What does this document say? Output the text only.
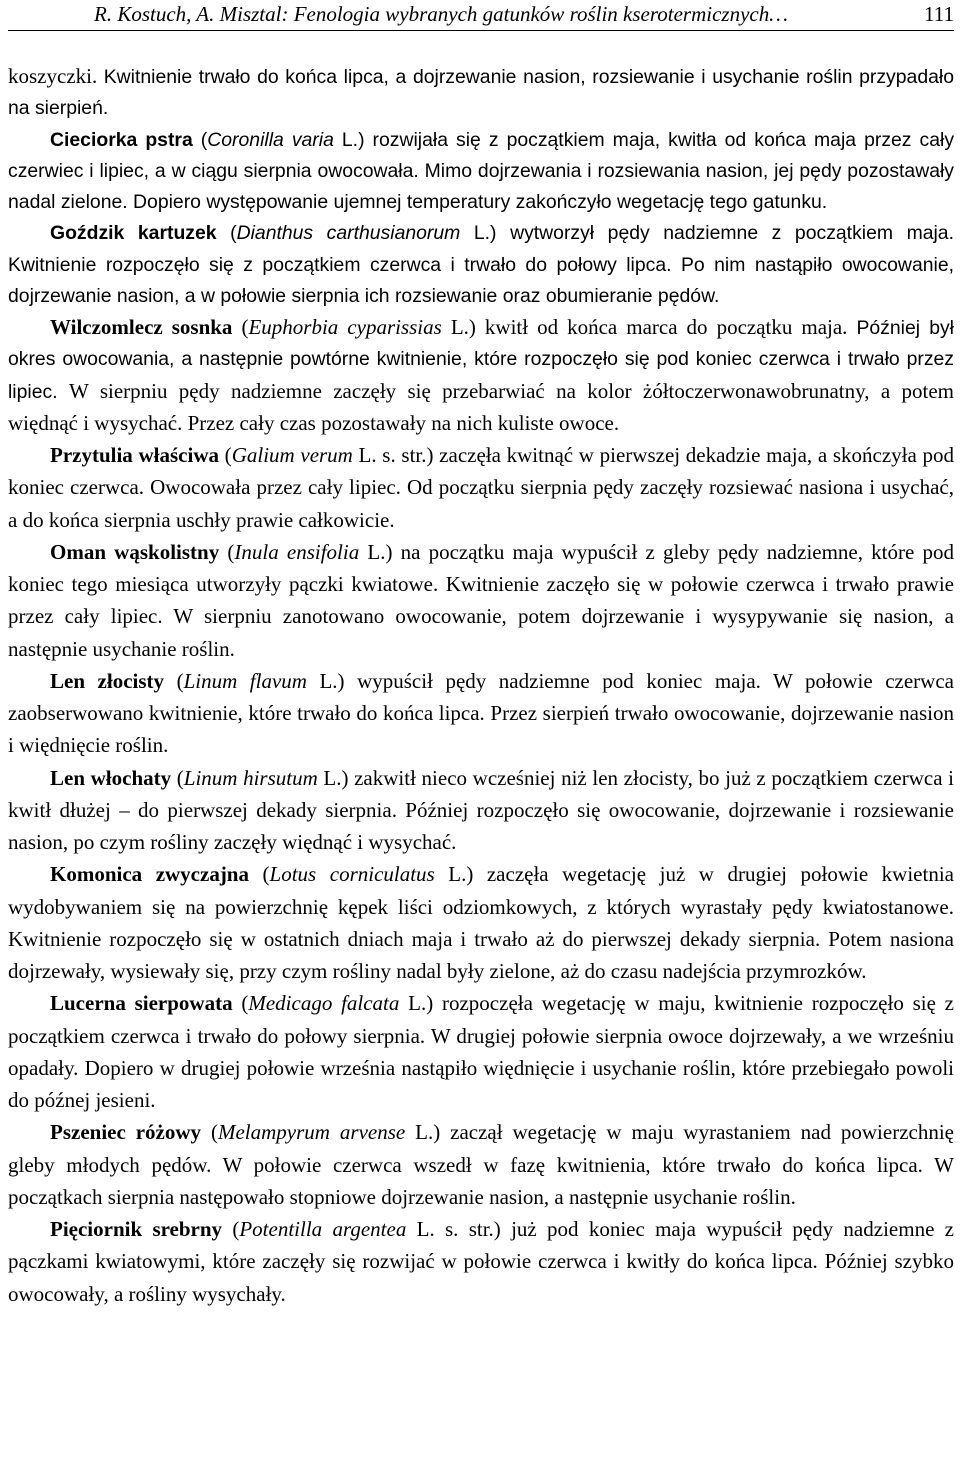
R. Kostuch, A. Misztal: Fenologia wybranych gatunków roślin kserotermicznych…	111

koszyczki. Kwitnienie trwało do końca lipca, a dojrzewanie nasion, rozsiewanie i usychanie roślin przypadało na sierpień.

Cieciorka pstra (Coronilla varia L.) rozwijała się z początkiem maja, kwitła od końca maja przez cały czerwiec i lipiec, a w ciągu sierpnia owocowała. Mimo dojrzewania i rozsiewania nasion, jej pędy pozostawały nadal zielone. Dopiero występowanie ujemnej temperatury zakończyło wegetację tego gatunku.

Goździk kartuzek (Dianthus carthusianorum L.) wytworzył pędy nadziemne z początkiem maja. Kwitnienie rozpoczęło się z początkiem czerwca i trwało do połowy lipca. Po nim nastąpiło owocowanie, dojrzewanie nasion, a w połowie sierpnia ich rozsiewanie oraz obumieranie pędów.

Wilczomlecz sosnka (Euphorbia cyparissias L.) kwitł od końca marca do początku maja. Później był okres owocowania, a następnie powtórne kwitnienie, które rozpoczęło się pod koniec czerwca i trwało przez lipiec. W sierpniu pędy nadziemne zaczęły się przebarwiać na kolor żółtoczerwonawobrunatny, a potem więdnąć i wysychać. Przez cały czas pozostawały na nich kuliste owoce.

Przytulia właściwa (Galium verum L. s. str.) zaczęła kwitnąć w pierwszej dekadzie maja, a skończyła pod koniec czerwca. Owocowała przez cały lipiec. Od początku sierpnia pędy zaczęły rozsiewać nasiona i usychać, a do końca sierpnia uschły prawie całkowicie.

Oman wąskolistny (Inula ensifolia L.) na początku maja wypuścił z gleby pędy nadziemne, które pod koniec tego miesiąca utworzyły pączki kwiatowe. Kwitnienie zaczęło się w połowie czerwca i trwało prawie przez cały lipiec. W sierpniu zanotowano owocowanie, potem dojrzewanie i wysypywanie się nasion, a następnie usychanie roślin.

Len złocisty (Linum flavum L.) wypuścił pędy nadziemne pod koniec maja. W połowie czerwca zaobserwowano kwitnienie, które trwało do końca lipca. Przez sierpień trwało owocowanie, dojrzewanie nasion i więdnięcie roślin.

Len włochaty (Linum hirsutum L.) zakwitł nieco wcześniej niż len złocisty, bo już z początkiem czerwca i kwitł dłużej – do pierwszej dekady sierpnia. Później rozpoczęło się owocowanie, dojrzewanie i rozsiewanie nasion, po czym rośliny zaczęły więdnąć i wysychać.

Komonica zwyczajna (Lotus corniculatus L.) zaczęła wegetację już w drugiej połowie kwietnia wydobywaniem się na powierzchnię kępek liści odziomkowych, z których wyrastały pędy kwiatostanowe. Kwitnienie rozpoczęło się w ostatnich dniach maja i trwało aż do pierwszej dekady sierpnia. Potem nasiona dojrzewały, wysiewały się, przy czym rośliny nadal były zielone, aż do czasu nadejścia przymrozków.

Lucerna sierpowata (Medicago falcata L.) rozpoczęła wegetację w maju, kwitnienie rozpoczęło się z początkiem czerwca i trwało do połowy sierpnia. W drugiej połowie sierpnia owoce dojrzewały, a we wrześniu opadały. Dopiero w drugiej połowie września nastąpiło więdnięcie i usychanie roślin, które przebiegało powoli do późnej jesieni.

Pszeniec różowy (Melampyrum arvense L.) zaczął wegetację w maju wyrastaniem nad powierzchnię gleby młodych pędów. W połowie czerwca wszedł w fazę kwitnienia, które trwało do końca lipca. W początkach sierpnia następowało stopniowe dojrzewanie nasion, a następnie usychanie roślin.

Pięciornik srebrny (Potentilla argentea L. s. str.) już pod koniec maja wypuścił pędy nadziemne z pączkami kwiatowymi, które zaczęły się rozwijać w połowie czerwca i kwitły do końca lipca. Później szybko owocowały, a rośliny wysychały.
